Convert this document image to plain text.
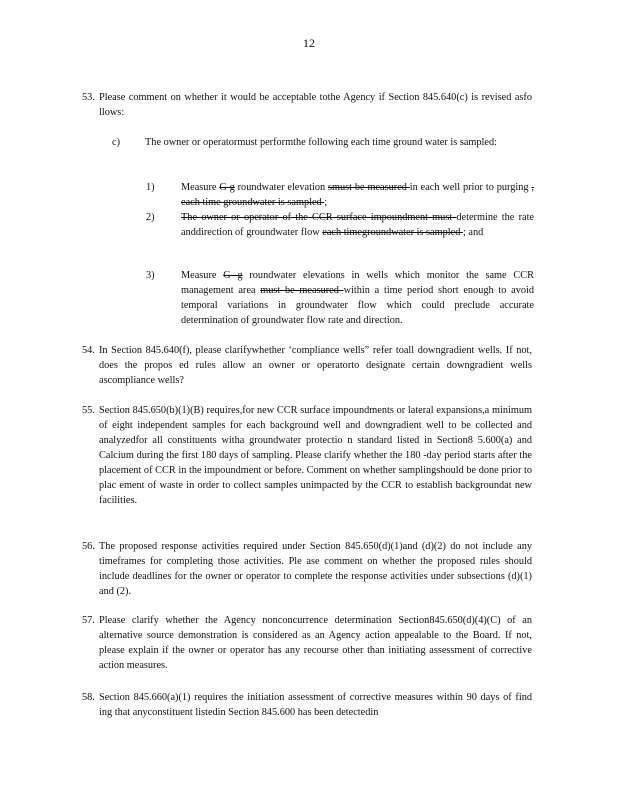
12
53. Please comment on whether it would be acceptable tothe Agency if Section 845.640(c) is revised asfo llows:
c) The owner or operatormust performthe following each time ground water is sampled:
1)	Measure G g roundwater elevation smust be measured in each well prior to purging , each time groundwater is sampled ;
2)	The owner or operator of the CCR surface impoundment must determine the rate anddirection of groundwater flow each timegroundwater is sampled ; and
3)	Measure G g roundwater elevations in wells which monitor the same CCR management area must be measured within a time period short enough to avoid temporal variations in groundwater flow which could preclude accurate determination of groundwater flow rate and direction.
54. In Section 845.640(f), please clarifywhether ‘compliance wells” refer toall downgradient wells. If not, does the propos ed rules allow an owner or operatorto designate certain downgradient wells ascompliance wells?
55. Section 845.650(b)(1)(B) requires,for new CCR surface impoundments or lateral expansions,a minimum of eight independent samples for each background well and downgradient well to be collected and analyzedfor all constituents witha groundwater protectio n standard listed in Section8 5.600(a) and Calcium during the first 180 days of sampling. Please clarify whether the 180 -day period starts after the placement of CCR in the impoundment or before. Comment on whether samplingshould be done prior to plac ement of waste in order to collect samples unimpacted by the CCR to establish backgroundat new facilities.
56. The proposed response activities required under Section 845.650(d)(1)and (d)(2) do not include any timeframes for completing those activities. Ple ase comment on whether the proposed rules should include deadlines for the owner or operator to complete the response activities under subsections (d)(1) and (2).
57. Please clarify whether the Agency nonconcurrence determination Section845.650(d)(4)(C) of an alternative source demonstration is considered as an Agency action appealable to the Board. If not, please explain if the owner or operator has any recourse other than initiating assessment of corrective action measures.
58. Section 845.660(a)(1) requires the initiation assessment of corrective measures within 90 days of find ing that anyconstituent listedin Section 845.600 has been detectedin
